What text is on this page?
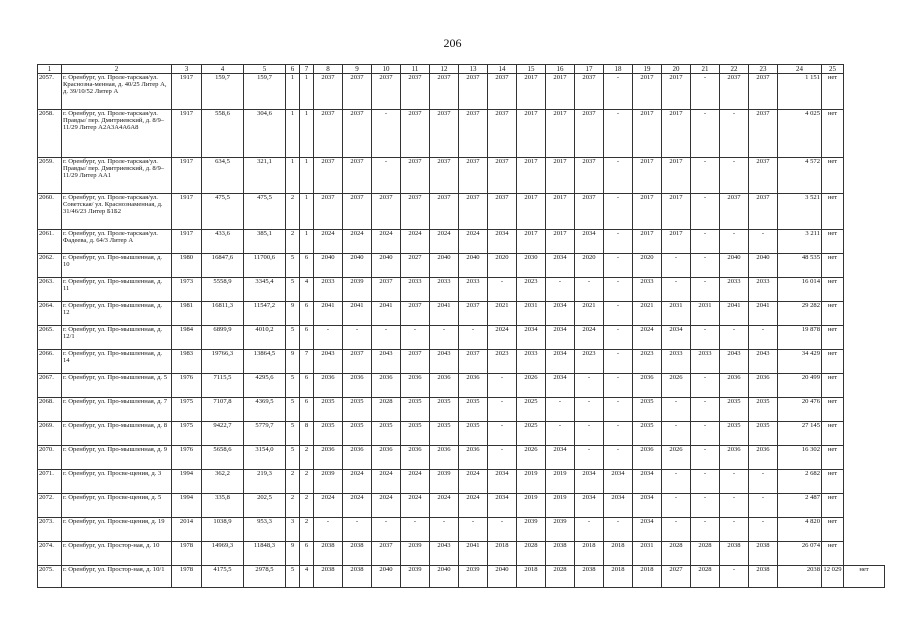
206
1	2	3	4	5	6	7	8	9	10	11	12	13	14	15	16	17	18	19	20	21	22	23	24	25	
2057.	г. Оренбург, ул. Проле-тарская/ул. Краснозна-менная, д. 40/25 Литер А, д. 39/10/52 Литер А	1917	159,7	159,7	1	1	2037	2037	2037	2037	2037	2037	2037	2017	2017	2037	-	2017	2017	-	2037	2037	1 151	нет	
2058.	г. Оренбург, ул. Проле-тарская/ул. Правды/ пер. Дмитриевский, д. 8/9–11/29 Литер А2А3А4А6А8	1917	558,6	304,6	1	1	2037	2037	-	2037	2037	2037	2037	2017	2017	2037	-	2017	2017	-	-	2037	4 025	нет	
2059.	г. Оренбург, ул. Проле-тарская/ул. Правды/ пер. Дмитриевский, д. 8/9–11/29 Литер АА1	1917	634,5	321,1	1	1	2037	2037	-	2037	2037	2037	2037	2017	2017	2037	-	2017	2017	-	-	2037	4 572	нет	
2060.	г. Оренбург, ул. Проле-тарская/ул. Советская/ ул. Краснознаменная, д. 31/46/23 Литер Б1Б2	1917	475,5	475,5	2	1	2037	2037	2037	2037	2037	2037	2037	2017	2017	2037	-	2017	2017	-	2037	2037	3 521	нет	
2061.	г. Оренбург, ул. Проле-тарская/ул. Фадеева, д. 64/3 Литер А	1917	433,6	385,1	2	1	2024	2024	2024	2024	2024	2024	2034	2017	2017	2034	-	2017	2017	-	-	-	3 211	нет	
2062.	г. Оренбург, ул. Про-мышленная, д. 10	1980	16847,6	11700,6	5	6	2040	2040	2040	2027	2040	2040	2020	2030	2034	2020	-	2020	-	-	2040	2040	48 535	нет	
2063.	г. Оренбург, ул. Про-мышленная, д. 11	1973	5558,9	3345,4	5	4	2033	2039	2037	2033	2033	2033	-	2023	-	-	-	2033	-	-	2033	2033	16 014	нет	
2064.	г. Оренбург, ул. Про-мышленная, д. 12	1981	16811,3	11547,2	9	6	2041	2041	2041	2037	2041	2037	2021	2031	2034	2021	-	2021	2031	2031	2041	2041	29 282	нет	
2065.	г. Оренбург, ул. Про-мышленная, д. 12/1	1984	6899,9	4010,2	5	6	-	-	-	-	-	-	2024	2034	2034	2024	-	2024	2034	-	-	-	19 878	нет	
2066.	г. Оренбург, ул. Про-мышленная, д. 14	1983	19766,3	13864,5	9	7	2043	2037	2043	2037	2043	2037	2023	2033	2034	2023	-	2023	2033	2033	2043	2043	34 429	нет	
2067.	г. Оренбург, ул. Про-мышленная, д. 5	1976	7115,5	4295,6	5	6	2036	2036	2036	2036	2036	2036	-	2026	2034	-	-	2036	2026	-	2036	2036	20 499	нет	
2068.	г. Оренбург, ул. Про-мышленная, д. 7	1975	7107,8	4369,5	5	6	2035	2035	2028	2035	2035	2035	-	2025	-	-	-	2035	-	-	2035	2035	20 476	нет	
2069.	г. Оренбург, ул. Про-мышленная, д. 8	1975	9422,7	5779,7	5	8	2035	2035	2035	2035	2035	2035	-	2025	-	-	-	2035	-	-	2035	2035	27 145	нет	
2070.	г. Оренбург, ул. Про-мышленная, д. 9	1976	5658,6	3154,0	5	2	2036	2036	2036	2036	2036	2036	-	2026	2034	-	-	2036	2026	-	2036	2036	16 302	нет	
2071.	г. Оренбург, ул. Просве-щения, д. 3	1994	362,2	219,3	2	2	2039	2024	2024	2024	2039	2024	2034	2019	2019	2034	2034	2034	-	-	-	-	2 682	нет	
2072.	г. Оренбург, ул. Просве-щения, д. 5	1994	335,8	202,5	2	2	2024	2024	2024	2024	2024	2024	2034	2019	2019	2034	2034	2034	-	-	-	-	2 487	нет	
2073.	г. Оренбург, ул. Просве-щения, д. 19	2014	1038,9	953,3	3	2	-	-	-	-	-	-	-	2039	2039	-	-	2034	-	-	-	-	4 820	нет	
2074.	г. Оренбург, ул. Простор-ная, д. 10	1978	14969,3	11848,3	9	6	2038	2038	2037	2039	2043	2041	2018	2028	2038	2018	2018	2031	2028	2028	2038	2038	26 074	нет	
2075.	г. Оренбург, ул. Простор-ная, д. 10/1	1978	4175,5	2978,5	5	4	2038	2038	2040	2039	2040	2039	2040	2018	2028	2038	2018	2018	2027	2028	-	2038	2038	12 029	нет
